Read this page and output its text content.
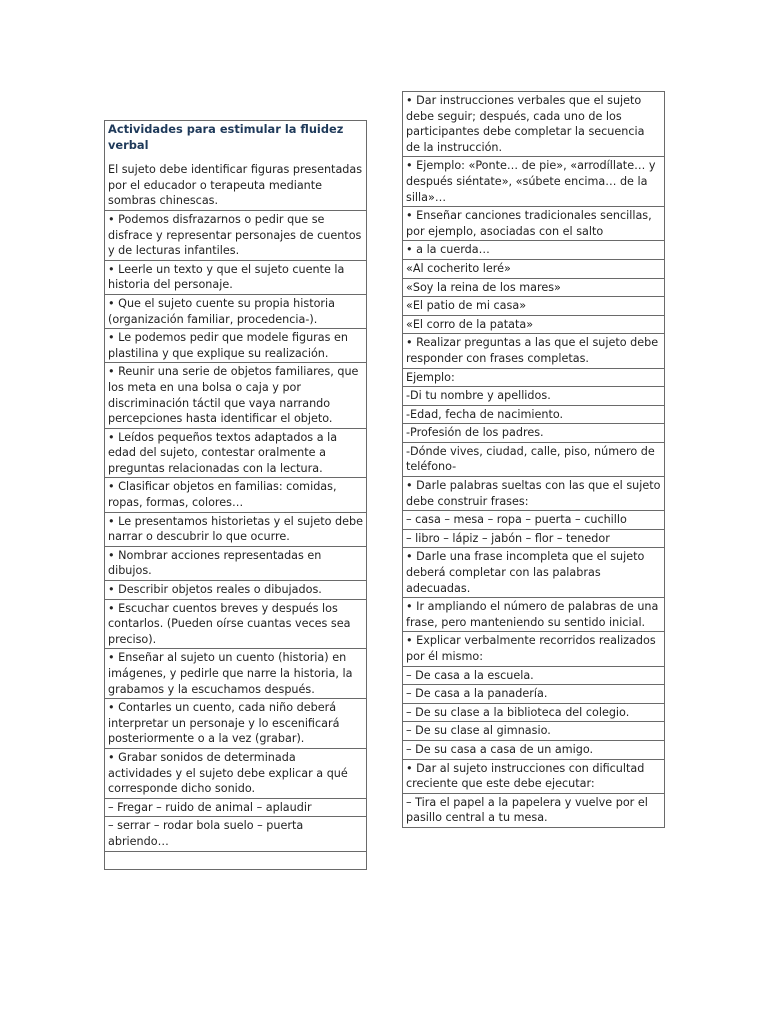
Actividades para estimular la fluidez verbal
El sujeto debe identificar figuras presentadas por el educador o terapeuta mediante sombras chinescas.

• Podemos disfrazarnos o pedir que se disfrace y representar personajes de cuentos y de lecturas infantiles.
• Leerle un texto y que el sujeto cuente la historia del personaje.
• Que el sujeto cuente su propia historia (organización familiar, procedencia-).
• Le podemos pedir que modele figuras en plastilina y que explique su realización.
• Reunir una serie de objetos familiares, que los meta en una bolsa o caja y por discriminación táctil que vaya narrando percepciones hasta identificar el objeto.
• Leídos pequeños textos adaptados a la edad del sujeto, contestar oralmente a preguntas relacionadas con la lectura.
• Clasificar objetos en familias: comidas, ropas, formas, colores…
• Le presentamos historietas y el sujeto debe narrar o descubrir lo que ocurre.
• Nombrar acciones representadas en dibujos.
• Describir objetos reales o dibujados.
• Escuchar cuentos breves y después los contarlos. (Pueden oírse cuantas veces sea preciso).
• Enseñar al sujeto un cuento (historia) en imágenes, y pedirle que narre la historia, la grabamos y la escuchamos después.
• Contarles un cuento, cada niño deberá interpretar un personaje y lo escenificará posteriormente o a la vez (grabar).
• Grabar sonidos de determinada actividades y el sujeto debe explicar a qué corresponde dicho sonido.
– Fregar – ruido de animal – aplaudir
– serrar – rodar bola suelo – puerta abriendo…

• Dar instrucciones verbales que el sujeto debe seguir; después, cada uno de los participantes debe completar la secuencia de la instrucción.
• Ejemplo: «Ponte… de pie», «arrodíllate… y después siéntate», «súbete encima… de la silla»…
• Enseñar canciones tradicionales sencillas, por ejemplo, asociadas con el salto
• a la cuerda…
«Al cocherito leré»
«Soy la reina de los mares»
«El patio de mi casa»
«El corro de la patata»
• Realizar preguntas a las que el sujeto debe responder con frases completas.
Ejemplo:
-Di tu nombre y apellidos.
-Edad, fecha de nacimiento.
-Profesión de los padres.
-Dónde vives, ciudad, calle, piso, número de teléfono-
• Darle palabras sueltas con las que el sujeto debe construir frases:
– casa – mesa – ropa – puerta – cuchillo
– libro – lápiz – jabón – flor – tenedor
• Darle una frase incompleta que el sujeto deberá completar con las palabras adecuadas.
• Ir ampliando el número de palabras de una frase, pero manteniendo su sentido inicial.
• Explicar verbalmente recorridos realizados por él mismo:
– De casa a la escuela.
– De casa a la panadería.
– De su clase a la biblioteca del colegio.
– De su clase al gimnasio.
– De su casa a casa de un amigo.
• Dar al sujeto instrucciones con dificultad creciente que este debe ejecutar:
– Tira el papel a la papelera y vuelve por el pasillo central a tu mesa.
